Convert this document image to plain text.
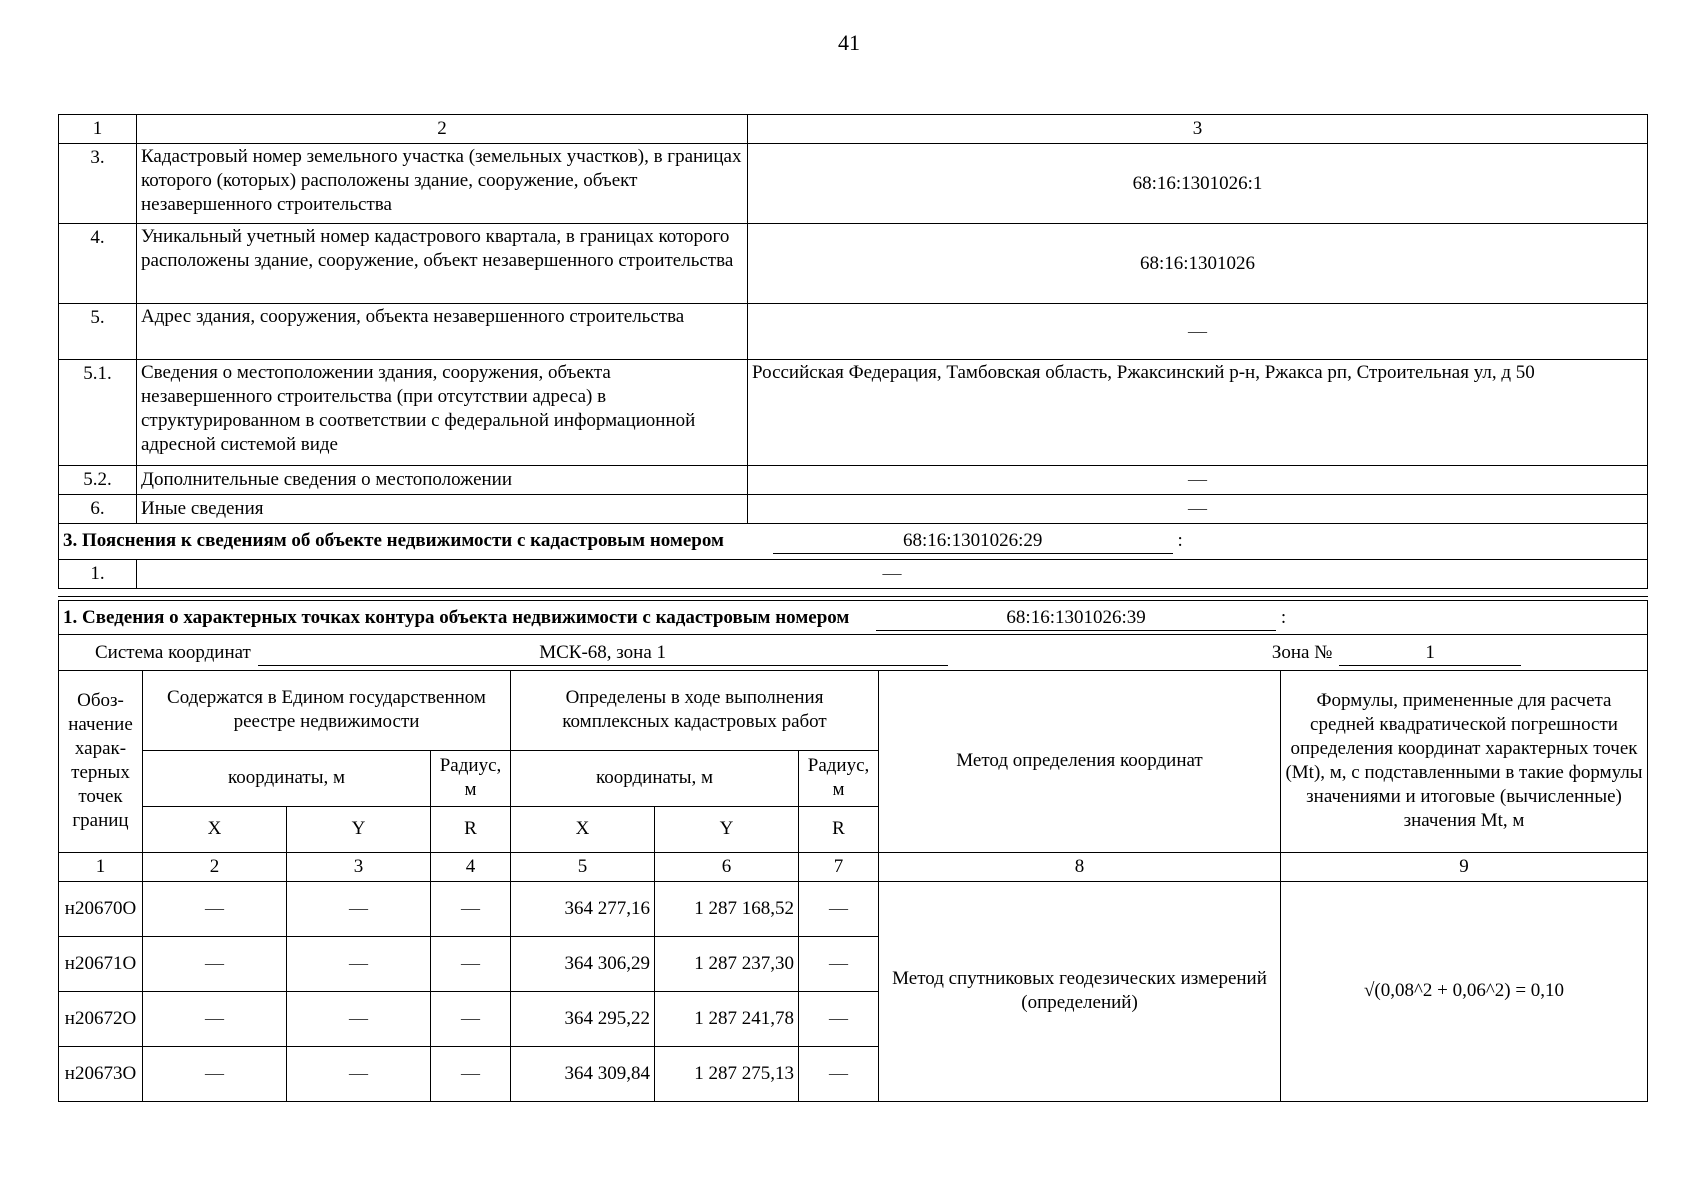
41
1	2	3
3.	Кадастровый номер земельного участка (земельных участков), в границах которого (которых) расположены здание, сооружение, объект незавершенного строительства	68:16:1301026:1
4.	Уникальный учетный номер кадастрового квартала, в границах которого расположены здание, сооружение, объект незавершенного строительства	68:16:1301026
5.	Адрес здания, сооружения, объекта незавершенного строительства	—
5.1.	Сведения о местоположении здания, сооружения, объекта незавершенного строительства (при отсутствии адреса) в структурированном в соответствии с федеральной информационной адресной системой виде	Российская Федерация, Тамбовская область, Ржаксинский р-н, Ржакса рп, Строительная ул, д 50
5.2.	Дополнительные сведения о местоположении	—
6.	Иные сведения	—
3. Пояснения к сведениям об объекте недвижимости с кадастровым номером	68:16:1301026:29	:
1.	—
1. Сведения о характерных точках контура объекта недвижимости с кадастровым номером	68:16:1301026:39	:
Система координат	МСК-68, зона 1	Зона №	1
Обоз-начение харак-терных точек границ	Содержатся в Едином государственном реестре недвижимости			Определены в ходе выполнения комплексных кадастровых работ			Метод определения координат	Формулы, примененные для расчета средней квадратической погрешности определения координат характерных точек (Mt), м, с подставленными в такие формулы значениями и итоговые (вычисленные) значения Mt, м
	координаты, м		Радиус, м	координаты, м		Радиус, м		
	X	Y	R	X	Y	R		
1	2	3	4	5	6	7	8	9
н20670О	—	—	—	364 277,16	1 287 168,52	—	Метод спутниковых геодезических измерений (определений)	√(0,08^2 + 0,06^2) = 0,10
н20671О	—	—	—	364 306,29	1 287 237,30	—		
н20672О	—	—	—	364 295,22	1 287 241,78	—		
н20673О	—	—	—	364 309,84	1 287 275,13	—		
